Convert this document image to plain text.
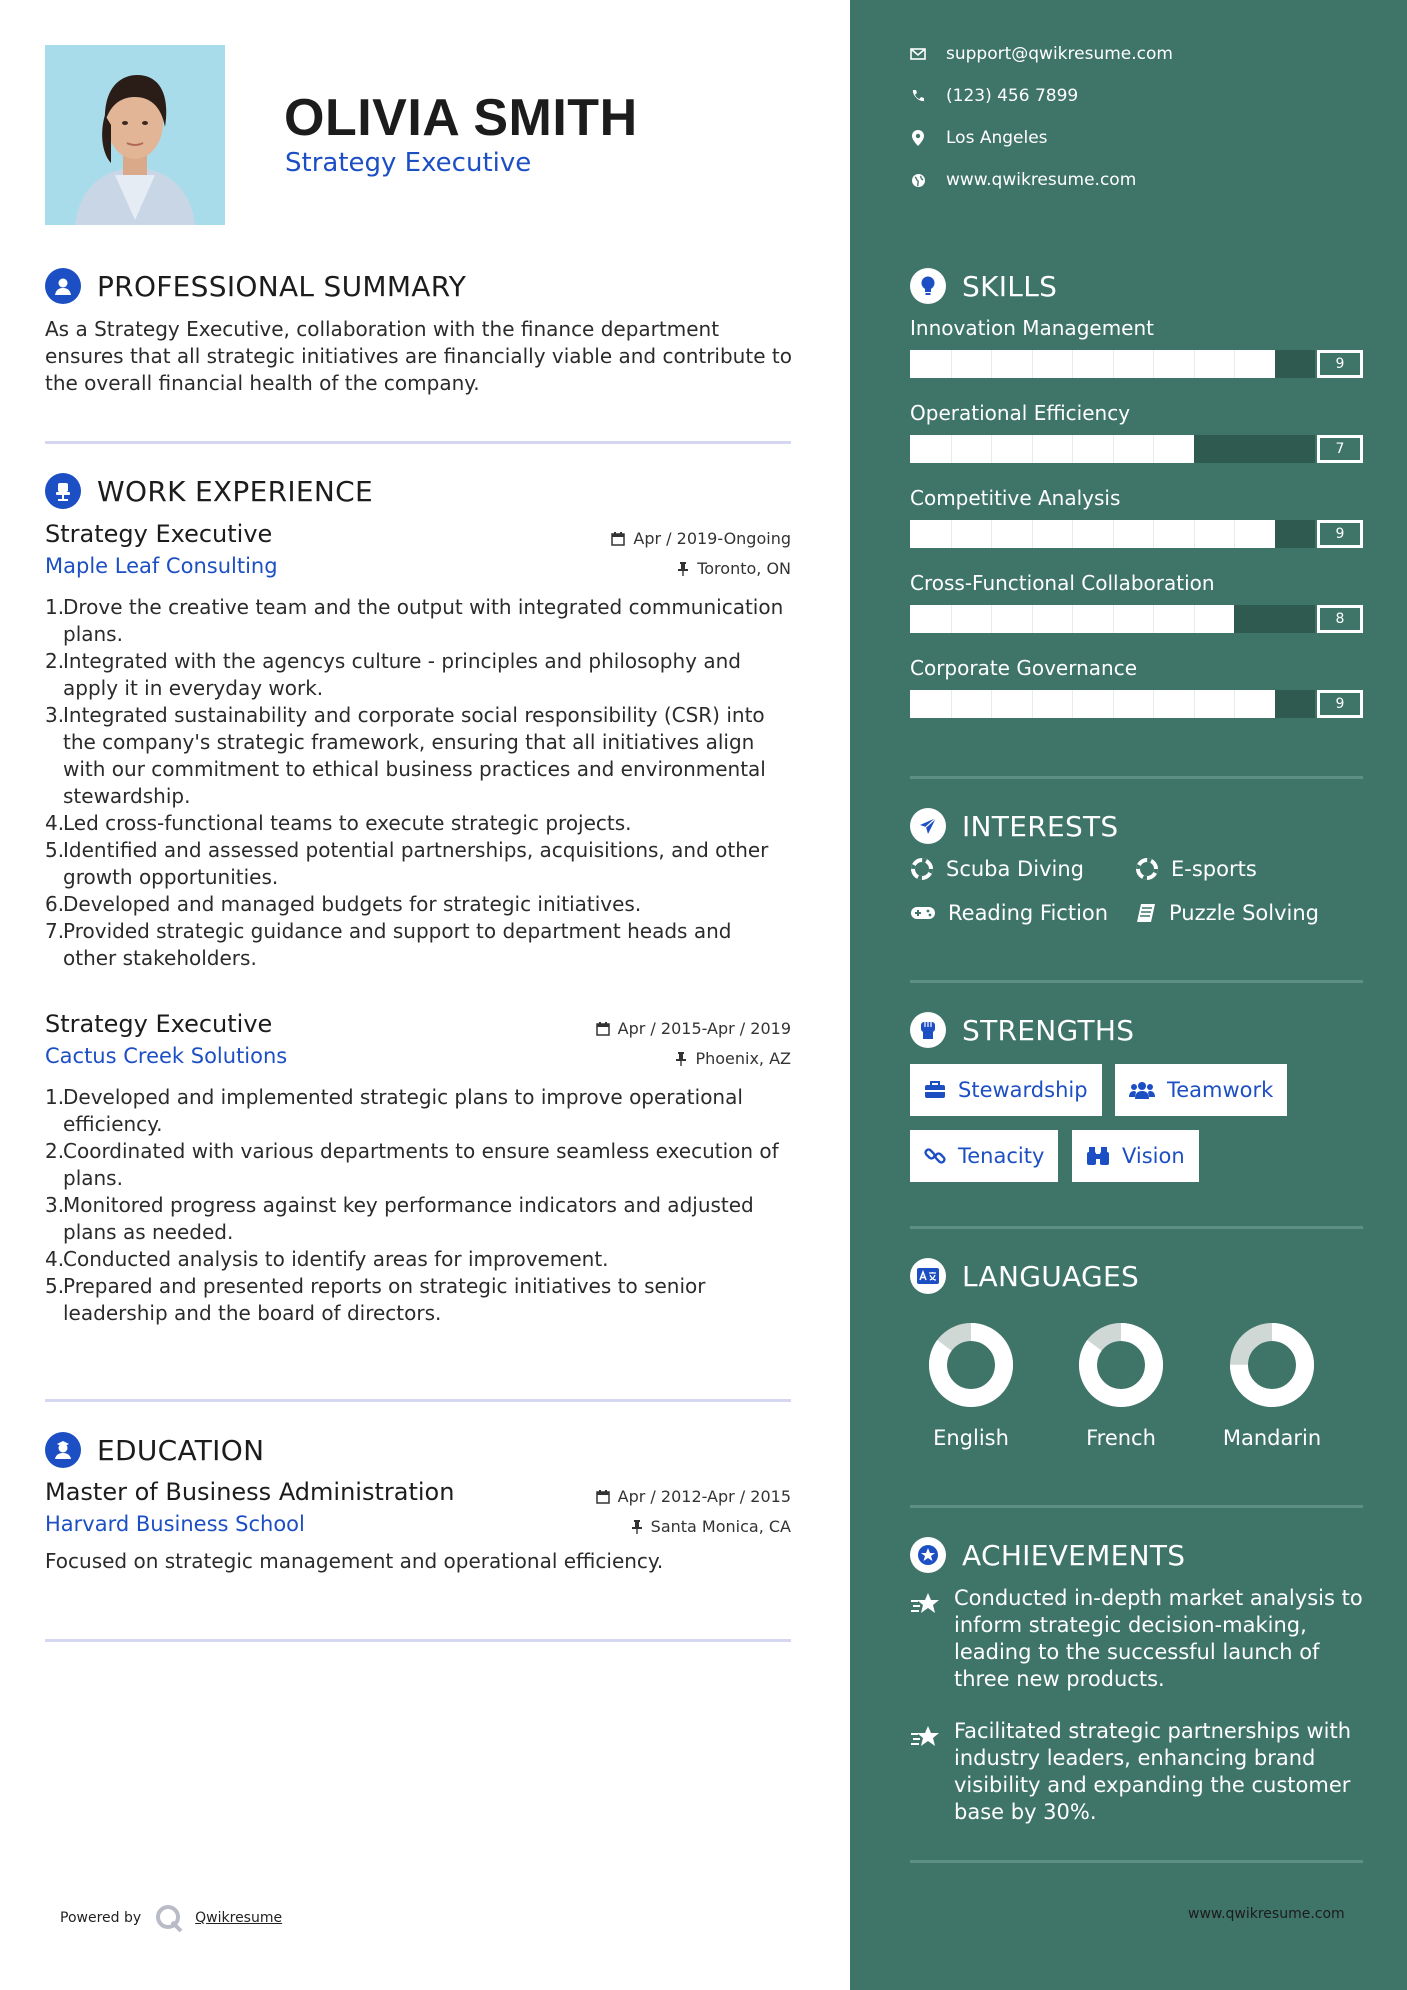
OLIVIA SMITH
Strategy Executive
PROFESSIONAL SUMMARY
As a Strategy Executive, collaboration with the finance department ensures that all strategic initiatives are financially viable and contribute to the overall financial health of the company.
WORK EXPERIENCE
Strategy Executive	Apr / 2019-Ongoing
Maple Leaf Consulting	Toronto, ON
1.
Drove the creative team and the output with integrated communication plans.
2.
Integrated with the agencys culture - principles and philosophy and apply it in everyday work.
3.
Integrated sustainability and corporate social responsibility (CSR) into the company's strategic framework, ensuring that all initiatives align with our commitment to ethical business practices and environmental stewardship.
4.
Led cross-functional teams to execute strategic projects.
5.
Identified and assessed potential partnerships, acquisitions, and other growth opportunities.
6.
Developed and managed budgets for strategic initiatives.
7.
Provided strategic guidance and support to department heads and other stakeholders.
Strategy Executive	Apr / 2015-Apr / 2019
Cactus Creek Solutions	Phoenix, AZ
1.
Developed and implemented strategic plans to improve operational efficiency.
2.
Coordinated with various departments to ensure seamless execution of plans.
3.
Monitored progress against key performance indicators and adjusted plans as needed.
4.
Conducted analysis to identify areas for improvement.
5.
Prepared and presented reports on strategic initiatives to senior leadership and the board of directors.
EDUCATION
Master of Business Administration	Apr / 2012-Apr / 2015
Harvard Business School	Santa Monica, CA
Focused on strategic management and operational efficiency.
Powered by	Qwikresume
support@qwikresume.com
(123) 456 7899
Los Angeles
www.qwikresume.com
SKILLS
Innovation Management
9
Operational Efficiency
7
Competitive Analysis
9
Cross-Functional Collaboration
8
Corporate Governance
9
INTERESTS
Scuba Diving	E-sports
Reading Fiction	Puzzle Solving
STRENGTHS
Stewardship	Teamwork
Tenacity	Vision
LANGUAGES
English	French	Mandarin
ACHIEVEMENTS
Conducted in-depth market analysis to inform strategic decision-making, leading to the successful launch of three new products.
Facilitated strategic partnerships with industry leaders, enhancing brand visibility and expanding the customer base by 30%.
www.qwikresume.com
